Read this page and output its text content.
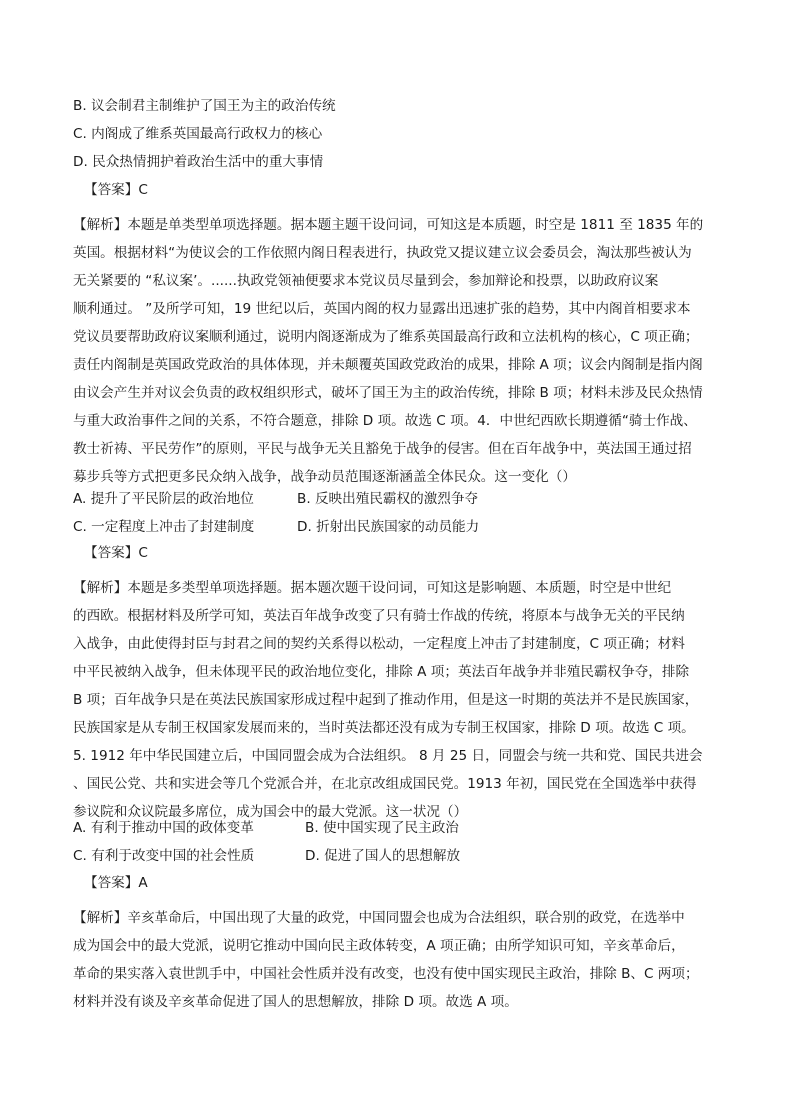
B. 议会制君主制维护了国王为主的政治传统
C. 内阁成了维系英国最高行政权力的核心
D. 民众热情拥护着政治生活中的重大事情
【答案】C
【解析】本题是单类型单项选择题。据本题主题干设问词，可知这是本质题，时空是 1811 至 1835 年的
英国。根据材料“为使议会的工作依照内阁日程表进行，执政党又提议建立议会委员会，淘汰那些被认为
无关紧要的 “私议案’。......执政党领袖便要求本党议员尽量到会，参加辩论和投票，以助政府议案
顺利通过。 ”及所学可知，19 世纪以后，英国内阁的权力显露出迅速扩张的趋势，其中内阁首相要求本
党议员要帮助政府议案顺利通过，说明内阁逐渐成为了维系英国最高行政和立法机构的核心，C 项正确；
责任内阁制是英国政党政治的具体体现，并未颠覆英国政党政治的成果，排除 A 项；议会内阁制是指内阁
由议会产生并对议会负责的政权组织形式，破坏了国王为主的政治传统，排除 B 项；材料未涉及民众热情
与重大政治事件之间的关系，不符合题意，排除 D 项。故选 C 项。4．中世纪西欧长期遵循“骑士作战、
教士祈祷、平民劳作”的原则，平民与战争无关且豁免于战争的侵害。但在百年战争中，英法国王通过招
募步兵等方式把更多民众纳入战争，战争动员范围逐渐涵盖全体民众。这一变化（）
【答案】C
【解析】本题是多类型单项选择题。据本题次题干设问词，可知这是影响题、本质题，时空是中世纪
的西欧。根据材料及所学可知，英法百年战争改变了只有骑士作战的传统，将原本与战争无关的平民纳
入战争，由此使得封臣与封君之间的契约关系得以松动，一定程度上冲击了封建制度，C 项正确；材料
中平民被纳入战争，但未体现平民的政治地位变化，排除 A 项；英法百年战争并非殖民霸权争夺，排除
B 项；百年战争只是在英法民族国家形成过程中起到了推动作用，但是这一时期的英法并不是民族国家，
民族国家是从专制王权国家发展而来的，当时英法都还没有成为专制王权国家，排除 D 项。故选 C 项。
5. 1912 年中华民国建立后，中国同盟会成为合法组织。 8 月 25 日，同盟会与统一共和党、国民共进会
、国民公党、共和实进会等几个党派合并，在北京改组成国民党。1913 年初，国民党在全国选举中获得
参议院和众议院最多席位，成为国会中的最大党派。这一状况（）
【答案】A
【解析】辛亥革命后，中国出现了大量的政党，中国同盟会也成为合法组织，联合别的政党，在选举中
成为国会中的最大党派，说明它推动中国向民主政体转变，A 项正确；由所学知识可知，辛亥革命后，
革命的果实落入袁世凯手中，中国社会性质并没有改变，也没有使中国实现民主政治，排除 B、C 两项；
材料并没有谈及辛亥革命促进了国人的思想解放，排除 D 项。故选 A 项。
A. 提升了平民阶层的政治地位	B. 反映出殖民霸权的激烈争夺
C. 一定程度上冲击了封建制度	D. 折射出民族国家的动员能力
A. 有利于推动中国的政体变革	B. 使中国实现了民主政治
C. 有利于改变中国的社会性质	D. 促进了国人的思想解放
